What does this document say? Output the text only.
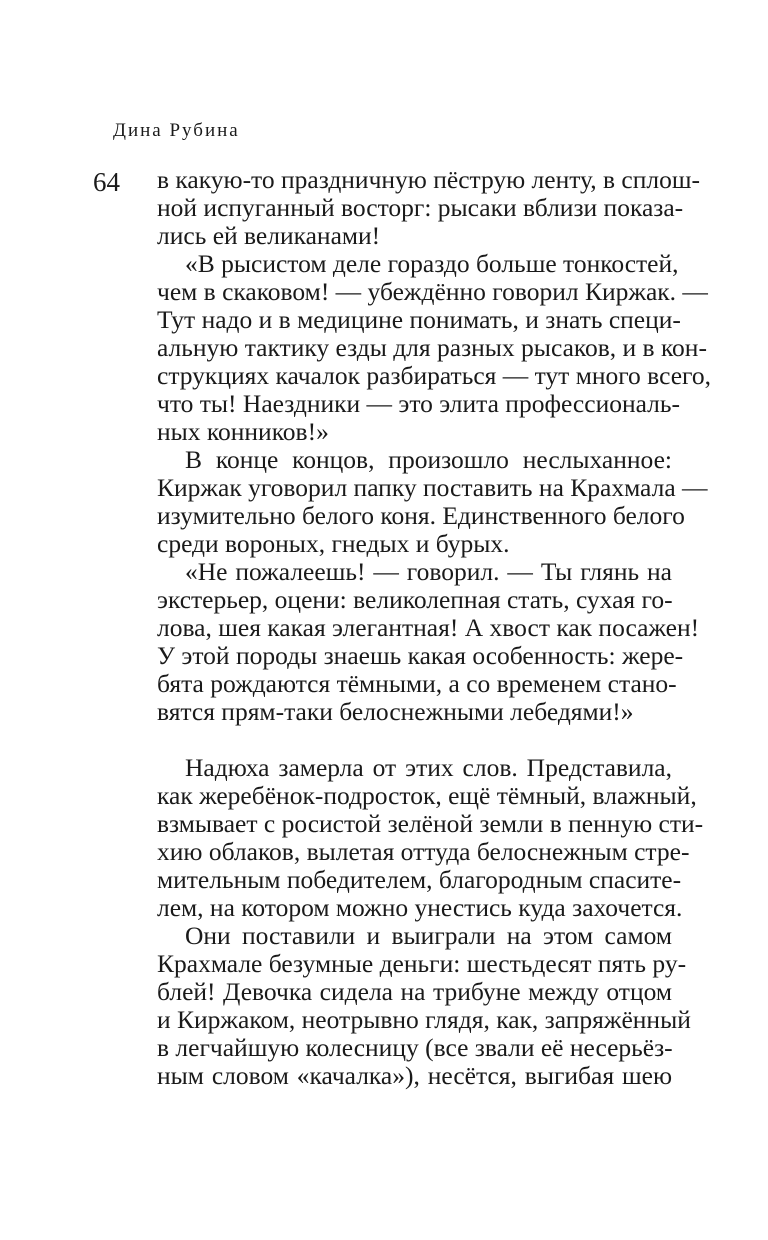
Дина Рубина
64 в какую-то праздничную пёструю ленту, в сплош-
ной испуганный восторг: рысаки вблизи показа-
лись ей великанами!
«В рысистом деле гораздо больше тонкостей,
чем в скаковом! — убеждённо говорил Киржак. —
Тут надо и в медицине понимать, и знать специ-
альную тактику езды для разных рысаков, и в кон-
струкциях качалок разбираться — тут много всего,
что ты! Наездники — это элита профессиональ-
ных конников!»
В конце концов, произошло неслыханное:
Киржак уговорил папку поставить на Крахмала —
изумительно белого коня. Единственного белого
среди вороных, гнедых и бурых.
«Не пожалеешь! — говорил. — Ты глянь на
экстерьер, оцени: великолепная стать, сухая го-
лова, шея какая элегантная! А хвост как посажен!
У этой породы знаешь какая особенность: жере-
бята рождаются тёмными, а со временем стано-
вятся прям-таки белоснежными лебедями!»
Надюха замерла от этих слов. Представила,
как жеребёнок-подросток, ещё тёмный, влажный,
взмывает с росистой зелёной земли в пенную сти-
хию облаков, вылетая оттуда белоснежным стре-
мительным победителем, благородным спасите-
лем, на котором можно унестись куда захочется.
Они поставили и выиграли на этом самом
Крахмале безумные деньги: шестьдесят пять ру-
блей! Девочка сидела на трибуне между отцом
и Киржаком, неотрывно глядя, как, запряжённый
в легчайшую колесницу (все звали её несерьёз-
ным словом «качалка»), несётся, выгибая шею
